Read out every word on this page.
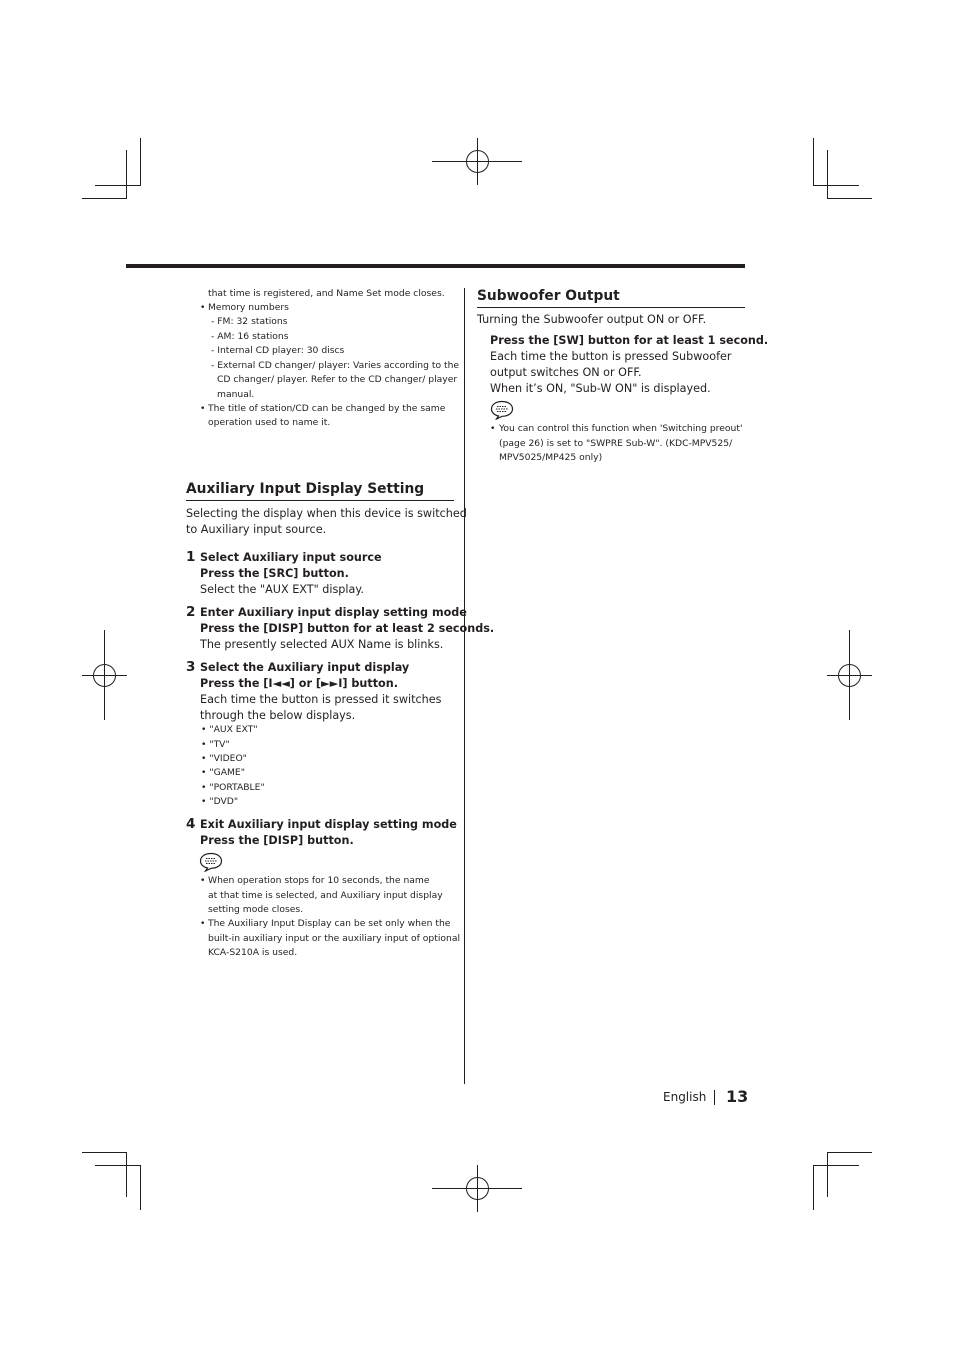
that time is registered, and Name Set mode closes.
• Memory numbers
- FM: 32 stations
- AM: 16 stations
- Internal CD player: 30 discs
- External CD changer/ player: Varies according to the
CD changer/ player. Refer to the CD changer/ player
manual.
• The title of station/CD can be changed by the same
operation used to name it.
Auxiliary Input Display Setting
Selecting the display when this device is switched
to Auxiliary input source.
1 Select Auxiliary input source
Press the [SRC] button.
Select the "AUX EXT" display.
2 Enter Auxiliary input display setting mode
Press the [DISP] button for at least 2 seconds.
The presently selected AUX Name is blinks.
3 Select the Auxiliary input display
Press the [I◄◄] or [►►I] button.
Each time the button is pressed it switches
through the below displays.
• "AUX EXT"
• "TV"
• "VIDEO"
• "GAME"
• "PORTABLE"
• "DVD"
4 Exit Auxiliary input display setting mode
Press the [DISP] button.
• When operation stops for 10 seconds, the name
at that time is selected, and Auxiliary input display
setting mode closes.
• The Auxiliary Input Display can be set only when the
built-in auxiliary input or the auxiliary input of optional
KCA-S210A is used.
Subwoofer Output
Turning the Subwoofer output ON or OFF.
Press the [SW] button for at least 1 second.
Each time the button is pressed Subwoofer
output switches ON or OFF.
When it’s ON, "Sub-W ON" is displayed.
• You can control this function when 'Switching preout'
(page 26) is set to "SWPRE Sub-W". (KDC-MPV525/
MPV5025/MP425 only)
English 13
